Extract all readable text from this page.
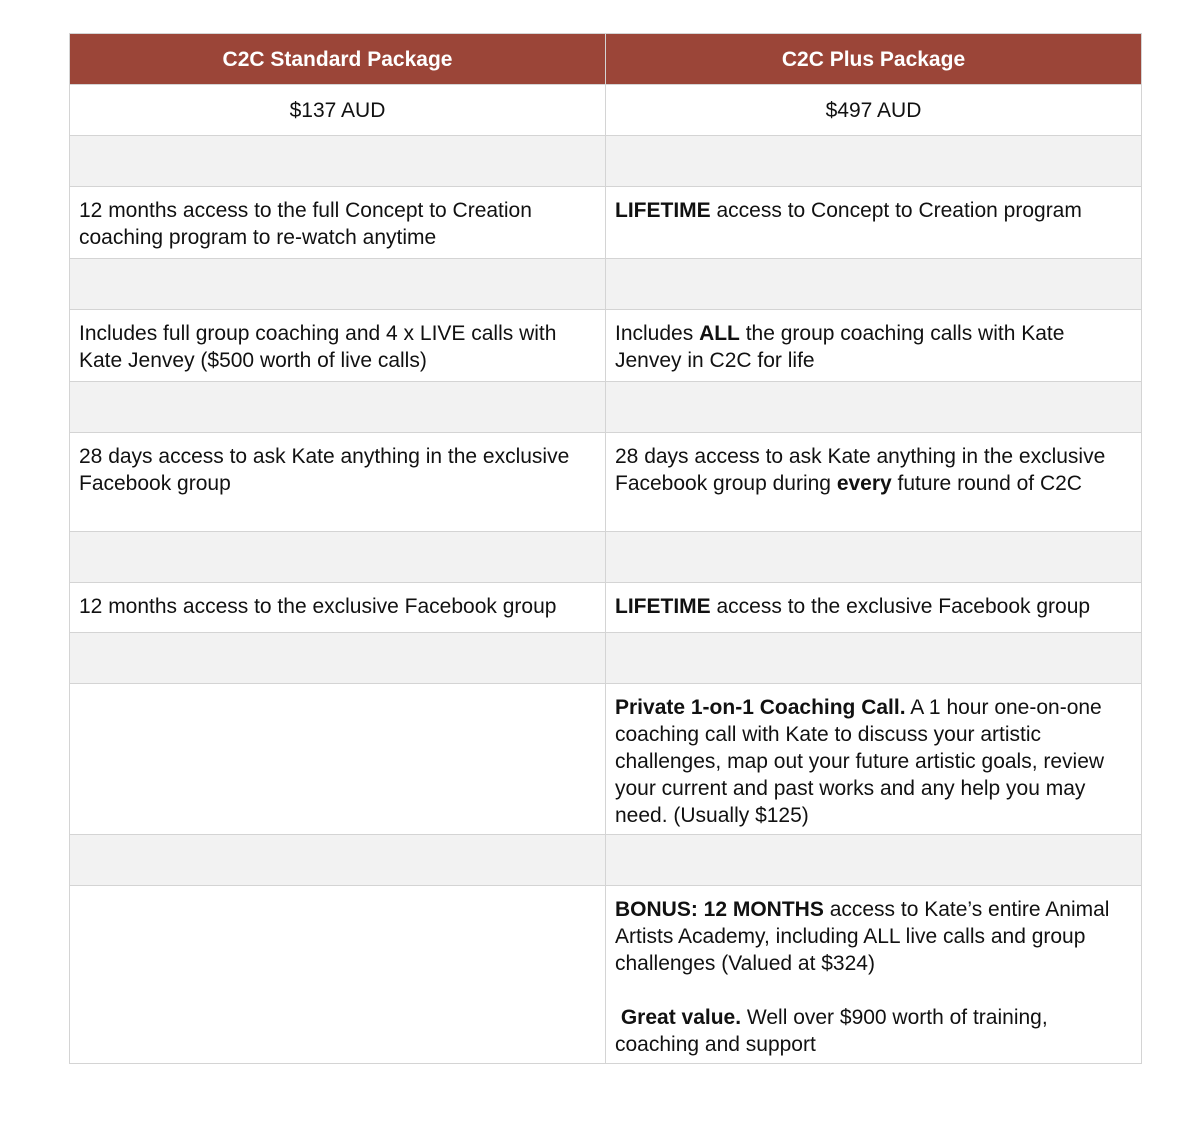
C2C Standard Package	C2C Plus Package
$137 AUD	$497 AUD

12 months access to the full Concept to Creation coaching program to re-watch anytime	LIFETIME access to Concept to Creation program

Includes full group coaching and 4 x LIVE calls with Kate Jenvey ($500 worth of live calls)	Includes ALL the group coaching calls with Kate Jenvey in C2C for life

28 days access to ask Kate anything in the exclusive Facebook group	28 days access to ask Kate anything in the exclusive Facebook group during every future round of C2C

12 months access to the exclusive Facebook group	LIFETIME access to the exclusive Facebook group

	Private 1-on-1 Coaching Call. A 1 hour one-on-one coaching call with Kate to discuss your artistic challenges, map out your future artistic goals, review your current and past works and any help you may need. (Usually $125)

	BONUS: 12 MONTHS access to Kate’s entire Animal Artists Academy, including ALL live calls and group challenges (Valued at $324)
Great value. Well over $900 worth of training, coaching and support
